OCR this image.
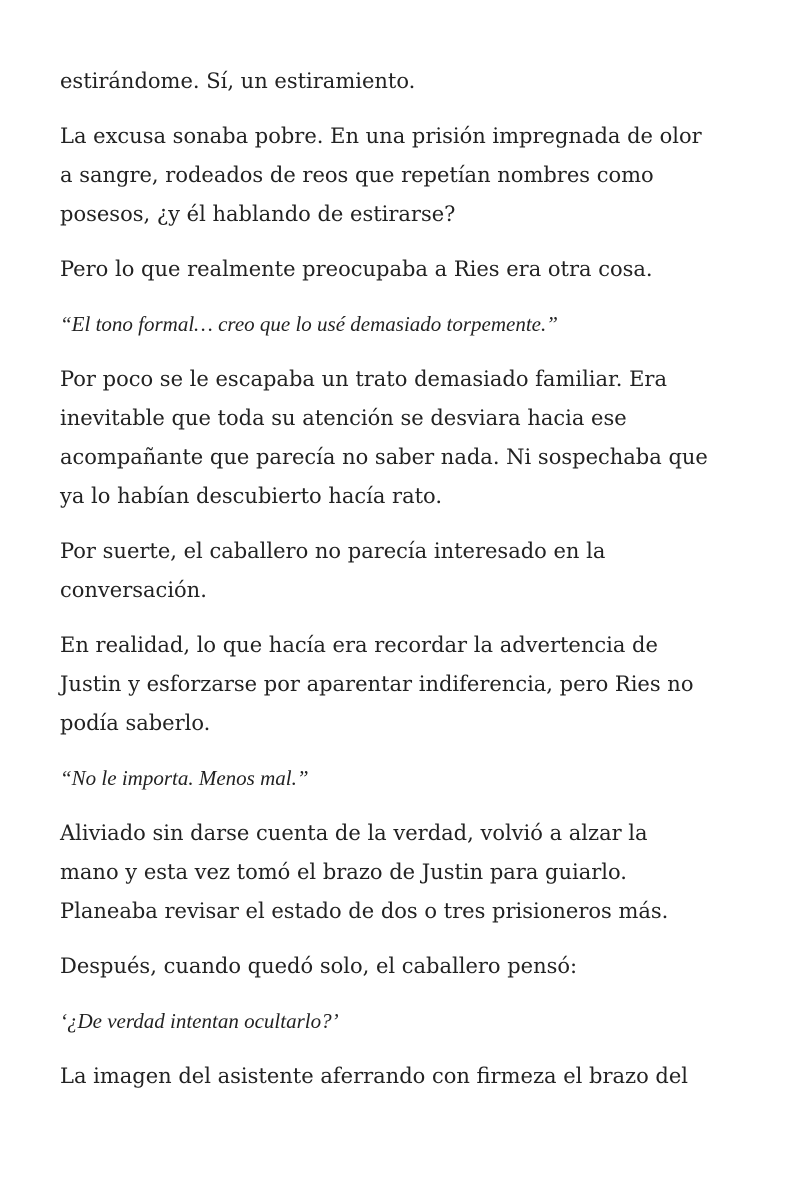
estirándome. Sí, un estiramiento.

La excusa sonaba pobre. En una prisión impregnada de olor
a sangre, rodeados de reos que repetían nombres como
posesos, ¿y él hablando de estirarse?

Pero lo que realmente preocupaba a Ries era otra cosa.

“El tono formal… creo que lo usé demasiado torpemente.”

Por poco se le escapaba un trato demasiado familiar. Era
inevitable que toda su atención se desviara hacia ese
acompañante que parecía no saber nada. Ni sospechaba que
ya lo habían descubierto hacía rato.

Por suerte, el caballero no parecía interesado en la
conversación.

En realidad, lo que hacía era recordar la advertencia de
Justin y esforzarse por aparentar indiferencia, pero Ries no
podía saberlo.

“No le importa. Menos mal.”

Aliviado sin darse cuenta de la verdad, volvió a alzar la
mano y esta vez tomó el brazo de Justin para guiarlo.
Planeaba revisar el estado de dos o tres prisioneros más.

Después, cuando quedó solo, el caballero pensó:

‘¿De verdad intentan ocultarlo?’

La imagen del asistente aferrando con firmeza el brazo del
